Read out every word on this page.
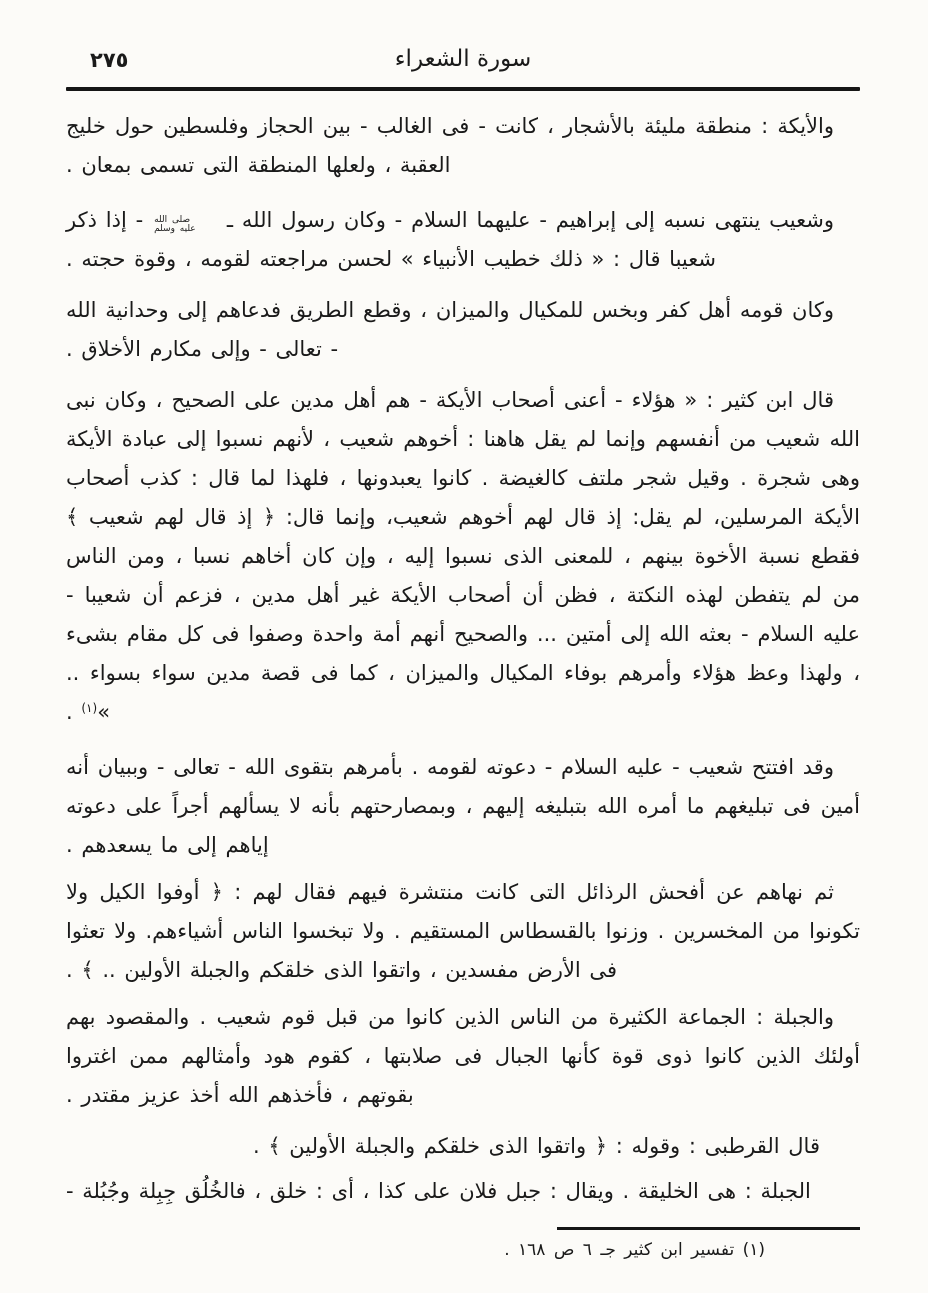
٢٧٥	سورة الشعراء

والأيكة : منطقة مليئة بالأشجار ، كانت - فى الغالب - بين الحجاز وفلسطين حول خليج العقبة ، ولعلها المنطقة التى تسمى بمعان .

وشعيب ينتهى نسبه إلى إبراهيم - عليهما السلام - وكان رسول الله ـ صلى الله
عليه وسلم - إذا ذكر شعيبا قال : « ذلك خطيب الأنبياء » لحسن مراجعته لقومه ، وقوة حجته .

وكان قومه أهل كفر وبخس للمكيال والميزان ، وقطع الطريق فدعاهم إلى وحدانية الله - تعالى - وإلى مكارم الأخلاق .

قال ابن كثير : « هؤلاء - أعنى أصحاب الأيكة - هم أهل مدين على الصحيح ، وكان نبى الله شعيب من أنفسهم وإنما لم يقل هاهنا : أخوهم شعيب ، لأنهم نسبوا إلى عبادة الأيكة وهى شجرة . وقيل شجر ملتف كالغيضة . كانوا يعبدونها ، فلهذا لما قال : كذب أصحاب الأيكة المرسلين، لم يقل: إذ قال لهم أخوهم شعيب، وإنما قال: ﴿ إذ قال لهم شعيب ﴾ فقطع نسبة الأخوة بينهم ، للمعنى الذى نسبوا إليه ، وإن كان أخاهم نسبا ، ومن الناس من لم يتفطن لهذه النكتة ، فظن أن أصحاب الأيكة غير أهل مدين ، فزعم أن شعيبا - عليه السلام - بعثه الله إلى أمتين ... والصحيح أنهم أمة واحدة وصفوا فى كل مقام بشىء ، ولهذا وعظ هؤلاء وأمرهم بوفاء المكيال والميزان ، كما فى قصة مدين سواء بسواء .. »$^{(١)}$ .

وقد افتتح شعيب - عليه السلام - دعوته لقومه . بأمرهم بتقوى الله - تعالى - وببيان أنه أمين فى تبليغهم ما أمره الله بتبليغه إليهم ، وبمصارحتهم بأنه لا يسألهم أجراً على دعوته إياهم إلى ما يسعدهم .

ثم نهاهم عن أفحش الرذائل التى كانت منتشرة فيهم فقال لهم : ﴿ أوفوا الكيل ولا تكونوا من المخسرين . وزنوا بالقسطاس المستقيم . ولا تبخسوا الناس أشياءهم. ولا تعثوا فى الأرض مفسدين ، واتقوا الذى خلقكم والجبلة الأولين .. ﴾ .

والجبلة : الجماعة الكثيرة من الناس الذين كانوا من قبل قوم شعيب . والمقصود بهم أولئك الذين كانوا ذوى قوة كأنها الجبال فى صلابتها ، كقوم هود وأمثالهم ممن اغتروا بقوتهم ، فأخذهم الله أخذ عزيز مقتدر .

قال القرطبى : وقوله : ﴿ واتقوا الذى خلقكم والجبلة الأولين ﴾ .

الجبلة : هى الخليقة . ويقال : جبل فلان على كذا ، أى : خلق ، فالخُلُق جِبِلة وجُبُلة -

(١) تفسير ابن كثير جـ ٦ ص ١٦٨ .
